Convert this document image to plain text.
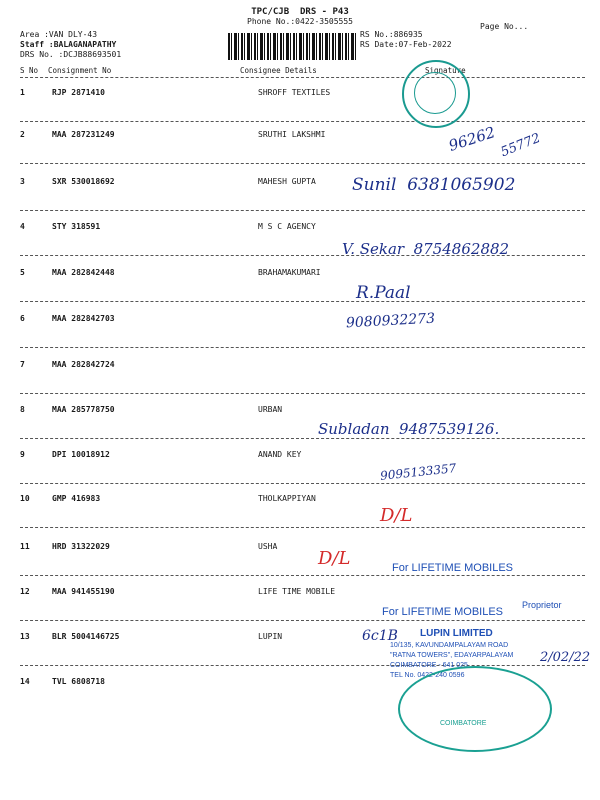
Area :VAN DLY-43
Staff :BALAGANAPATHY
DRS No. :DCJB88693501
TPC/CJB  DRS - P43
Phone No.:0422-3505555
RS No.:886935
RS Date:07-Feb-2022
Page No...
S No Consignment No	Consignee Details	Signature
1	RJP 2871410	SHROFF TEXTILES
2	MAA 287231249	SRUTHI LAKSHMI
3	SXR 530018692	MAHESH GUPTA
4	STY 318591	M S C AGENCY
5	MAA 282842448	BRAHAMAKUMARI
6	MAA 282842703
7	MAA 282842724
8	MAA 285778750	URBAN
9	DPI 10018912	ANAND KEY
10	GMP 416983	THOLKAPPIYAN
11	HRD 31322029	USHA
12	MAA 941455190	LIFE TIME MOBILE
13	BLR 5004146725	LUPIN
14	TVL 6808718
96262 55772
Sunil  6381065902
V. Sekar  8754862882
R.Paal
9080932273
Subladan  9487539126.
9095133357
D/L
D/L
6c1B
2/02/22
For LIFETIME MOBILES
For LIFETIME MOBILES
Proprietor
LUPIN LIMITED
10/135, KAVUNDAMPALAYAM ROAD
"RATNA TOWERS", EDAYARPALAYAM
COIMBATORE - 641 025
TEL No. 0422-240 0596
COIMBATORE
